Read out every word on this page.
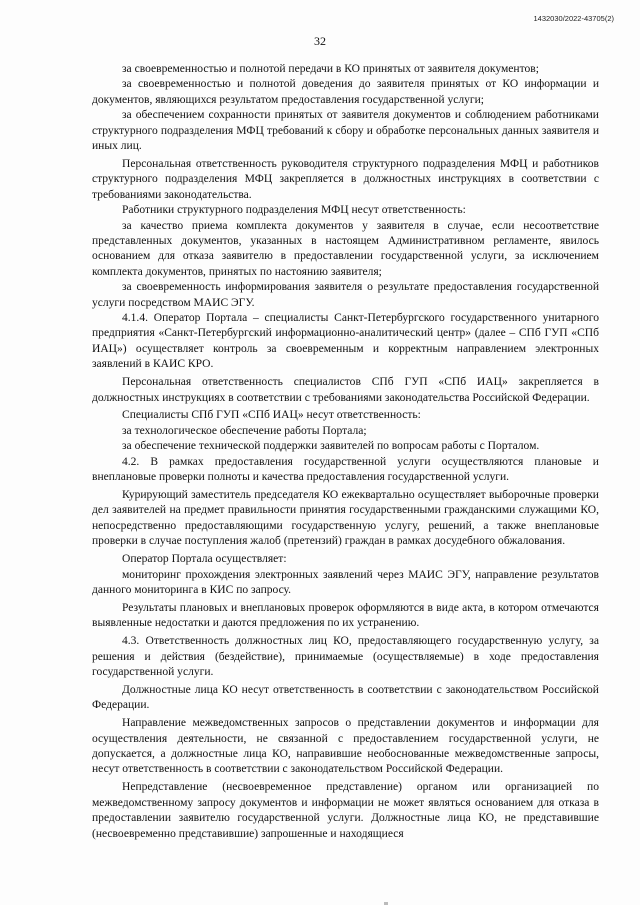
1432030/2022-43705(2)
32

за своевременностью и полнотой передачи в КО принятых от заявителя документов;

за своевременностью и полнотой доведения до заявителя принятых от КО информации и документов, являющихся результатом предоставления государственной услуги;

за обеспечением сохранности принятых от заявителя документов и соблюдением работниками структурного подразделения МФЦ требований к сбору и обработке персональных данных заявителя и иных лиц.

Персональная ответственность руководителя структурного подразделения МФЦ и работников структурного подразделения МФЦ закрепляется в должностных инструкциях в соответствии с требованиями законодательства.

Работники структурного подразделения МФЦ несут ответственность:

за качество приема комплекта документов у заявителя в случае, если несоответствие представленных документов, указанных в настоящем Административном регламенте, явилось основанием для отказа заявителю в предоставлении государственной услуги, за исключением комплекта документов, принятых по настоянию заявителя;

за своевременность информирования заявителя о результате предоставления государственной услуги посредством МАИС ЭГУ.

4.1.4. Оператор Портала – специалисты Санкт-Петербургского государственного унитарного предприятия «Санкт-Петербургский информационно-аналитический центр» (далее – СПб ГУП «СПб ИАЦ») осуществляет контроль за своевременным и корректным направлением электронных заявлений в КАИС КРО.

Персональная ответственность специалистов СПб ГУП «СПб ИАЦ» закрепляется в должностных инструкциях в соответствии с требованиями законодательства Российской Федерации.

Специалисты СПб ГУП «СПб ИАЦ» несут ответственность:

за технологическое обеспечение работы Портала;

за обеспечение технической поддержки заявителей по вопросам работы с Порталом.

4.2. В рамках предоставления государственной услуги осуществляются плановые и внеплановые проверки полноты и качества предоставления государственной услуги.

Курирующий заместитель председателя КО ежеквартально осуществляет выборочные проверки дел заявителей на предмет правильности принятия государственными гражданскими служащими КО, непосредственно предоставляющими государственную услугу, решений, а также внеплановые проверки в случае поступления жалоб (претензий) граждан в рамках досудебного обжалования.

Оператор Портала осуществляет:

мониторинг прохождения электронных заявлений через МАИС ЭГУ, направление результатов данного мониторинга в КИС по запросу.

Результаты плановых и внеплановых проверок оформляются в виде акта, в котором отмечаются выявленные недостатки и даются предложения по их устранению.

4.3. Ответственность должностных лиц КО, предоставляющего государственную услугу, за решения и действия (бездействие), принимаемые (осуществляемые) в ходе предоставления государственной услуги.

Должностные лица КО несут ответственность в соответствии с законодательством Российской Федерации.

Направление межведомственных запросов о представлении документов и информации для осуществления деятельности, не связанной с предоставлением государственной услуги, не допускается, а должностные лица КО, направившие необоснованные межведомственные запросы, несут ответственность в соответствии с законодательством Российской Федерации.

Непредставление (несвоевременное представление) органом или организацией по межведомственному запросу документов и информации не может являться основанием для отказа в предоставлении заявителю государственной услуги. Должностные лица КО, не представившие (несвоевременно представившие) запрошенные и находящиеся
